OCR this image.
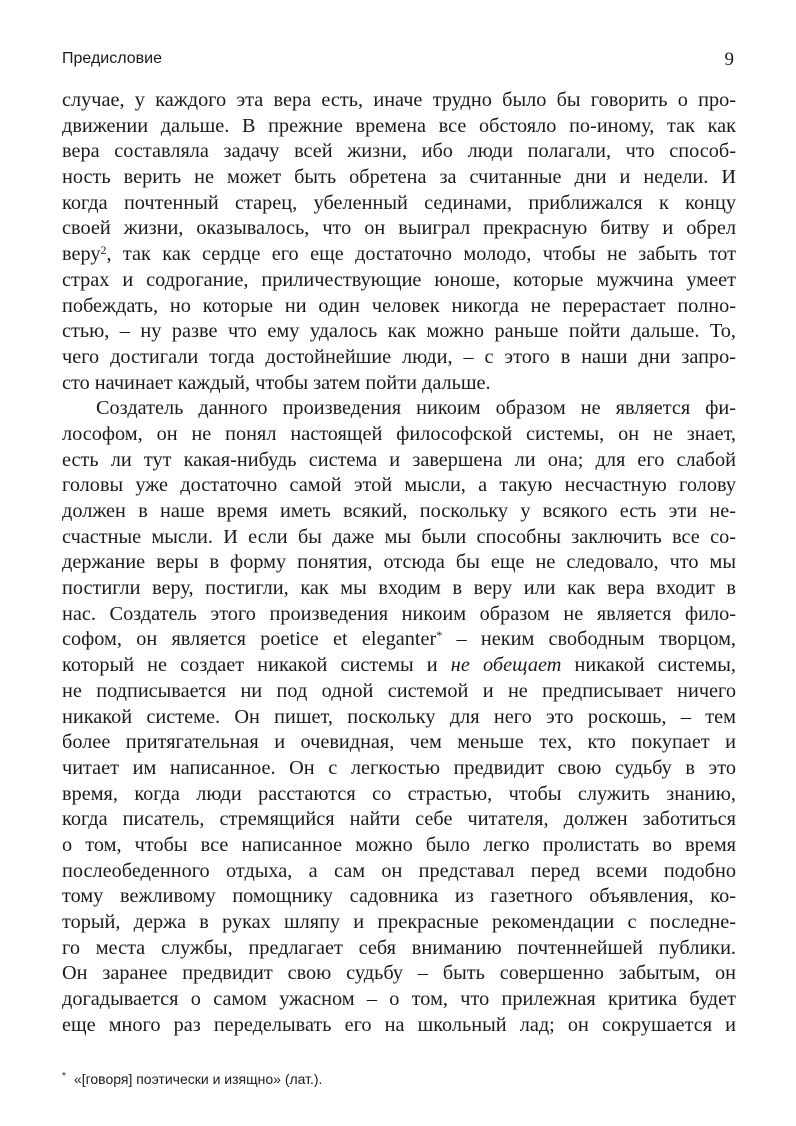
Предисловие	9
случае, у каждого эта вера есть, иначе трудно было бы говорить о про-
движении дальше. В прежние времена все обстояло по-иному, так как
вера составляла задачу всей жизни, ибо люди полагали, что способ-
ность верить не может быть обретена за считанные дни и недели. И
когда почтенный старец, убеленный сединами, приближался к концу
своей жизни, оказывалось, что он выиграл прекрасную битву и обрел
веру$^2$, так как сердце его еще достаточно молодо, чтобы не забыть тот
страх и содрогание, приличествующие юноше, которые мужчина умеет
побеждать, но которые ни один человек никогда не перерастает полно-
стью, – ну разве что ему удалось как можно раньше пойти дальше. То,
чего достигали тогда достойнейшие люди, – с этого в наши дни запро-
сто начинает каждый, чтобы затем пойти дальше.
Создатель данного произведения никоим образом не является фи-
лософом, он не понял настоящей философской системы, он не знает,
есть ли тут какая-нибудь система и завершена ли она; для его слабой
головы уже достаточно самой этой мысли, а такую несчастную голову
должен в наше время иметь всякий, поскольку у всякого есть эти не-
счастные мысли. И если бы даже мы были способны заключить все со-
держание веры в форму понятия, отсюда бы еще не следовало, что мы
постигли веру, постигли, как мы входим в веру или как вера входит в
нас. Создатель этого произведения никоим образом не является фило-
софом, он является poetice et eleganter* – неким свободным творцом,
который не создает никакой системы и не обещает никакой системы,
не подписывается ни под одной системой и не предписывает ничего
никакой системе. Он пишет, поскольку для него это роскошь, – тем
более притягательная и очевидная, чем меньше тех, кто покупает и
читает им написанное. Он с легкостью предвидит свою судьбу в это
время, когда люди расстаются со страстью, чтобы служить знанию,
когда писатель, стремящийся найти себе читателя, должен заботиться
о том, чтобы все написанное можно было легко пролистать во время
послеобеденного отдыха, а сам он представал перед всеми подобно
тому вежливому помощнику садовника из газетного объявления, ко-
торый, держа в руках шляпу и прекрасные рекомендации с последне-
го места службы, предлагает себя вниманию почтеннейшей публики.
Он заранее предвидит свою судьбу – быть совершенно забытым, он
догадывается о самом ужасном – о том, что прилежная критика будет
еще много раз переделывать его на школьный лад; он сокрушается и
* «[говоря] поэтически и изящно» (лат.).
